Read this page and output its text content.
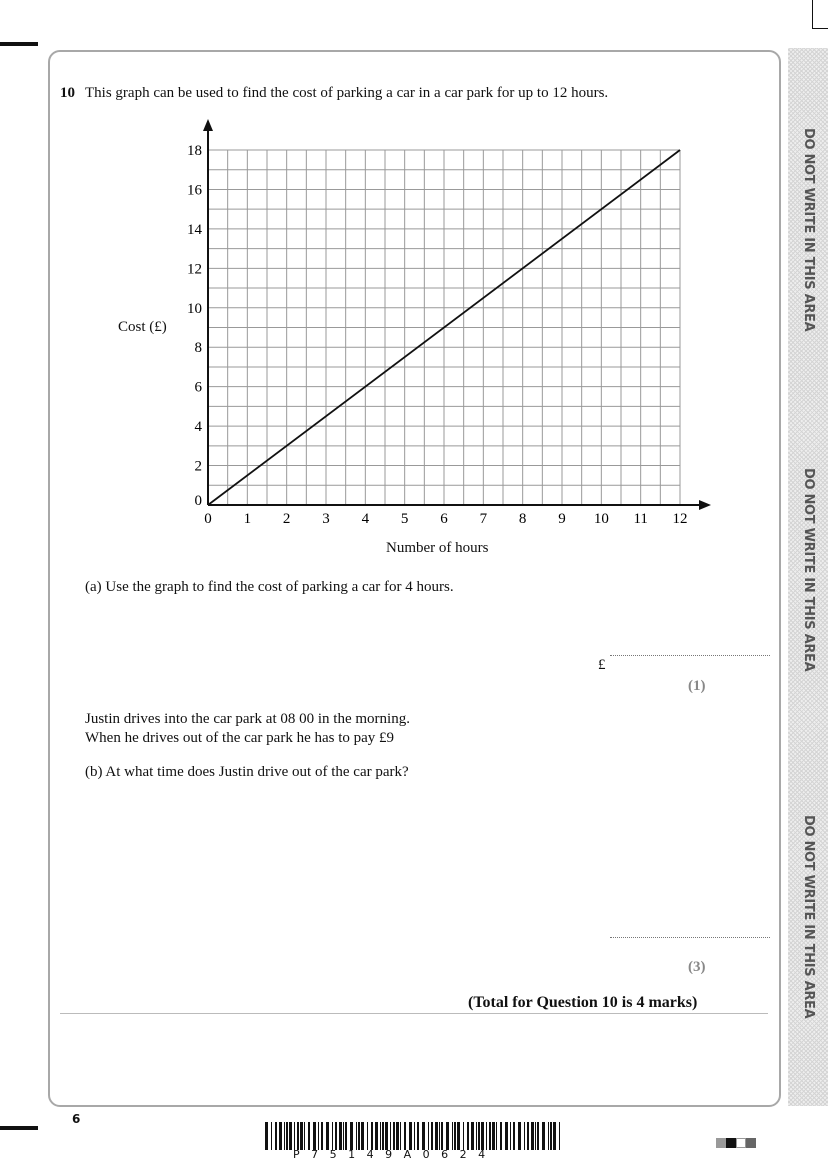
DO NOT WRITE IN THIS AREA
DO NOT WRITE IN THIS AREA
DO NOT WRITE IN THIS AREA
10 This graph can be used to find the cost of parking a car in a car park for up to 12 hours.
0 1 2 3 4 5 6 7 8 9 10 11 12
0
2
4
6
8
10
12
14
16
18
Cost (£)
Number of hours
(a) Use the graph to find the cost of parking a car for 4 hours.
£
(1)
Justin drives into the car park at 08 00 in the morning.
When he drives out of the car park he has to pay £9
(b) At what time does Justin drive out of the car park?
(3)
(Total for Question 10 is 4 marks)
6
P 7 5 1 4 9 A 0 6 2 4
